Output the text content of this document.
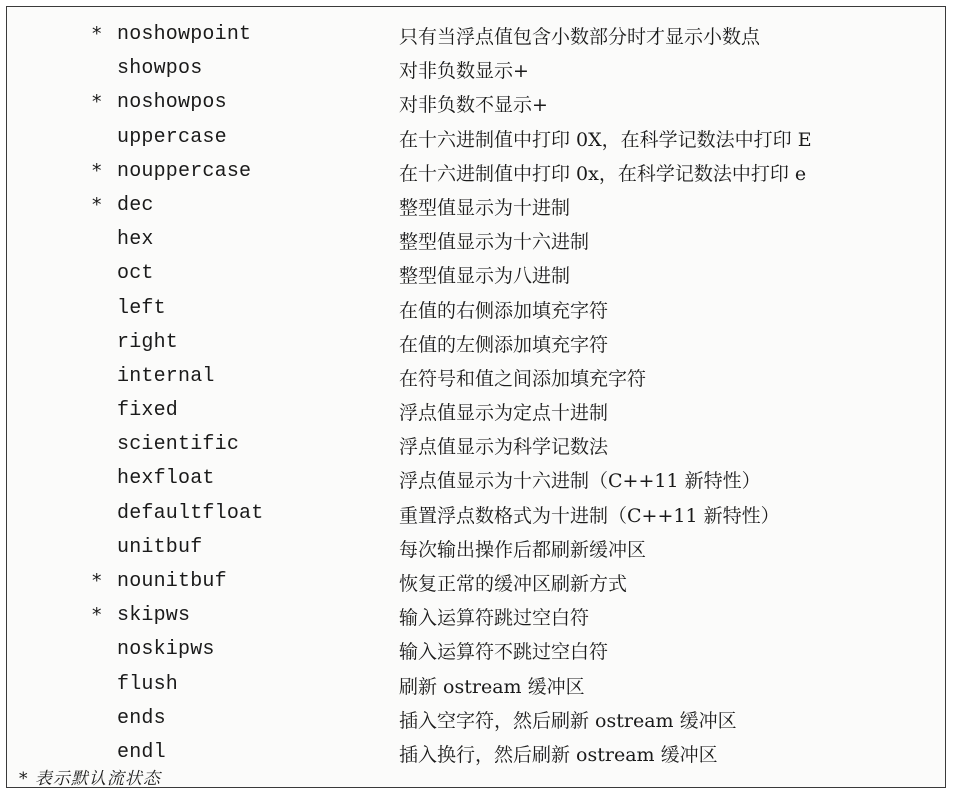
* noshowpoint	只有当浮点值包含小数部分时才显示小数点
showpos	对非负数显示+
* noshowpos	对非负数不显示+
uppercase	在十六进制值中打印 0X，在科学记数法中打印 E
* nouppercase	在十六进制值中打印 0x，在科学记数法中打印 e
* dec	整型值显示为十进制
hex	整型值显示为十六进制
oct	整型值显示为八进制
left	在值的右侧添加填充字符
right	在值的左侧添加填充字符
internal	在符号和值之间添加填充字符
fixed	浮点值显示为定点十进制
scientific	浮点值显示为科学记数法
hexfloat	浮点值显示为十六进制（C++11 新特性）
defaultfloat	重置浮点数格式为十进制（C++11 新特性）
unitbuf	每次输出操作后都刷新缓冲区
* nounitbuf	恢复正常的缓冲区刷新方式
* skipws	输入运算符跳过空白符
noskipws	输入运算符不跳过空白符
flush	刷新 ostream 缓冲区
ends	插入空字符，然后刷新 ostream 缓冲区
endl	插入换行，然后刷新 ostream 缓冲区
* 表示默认流状态
